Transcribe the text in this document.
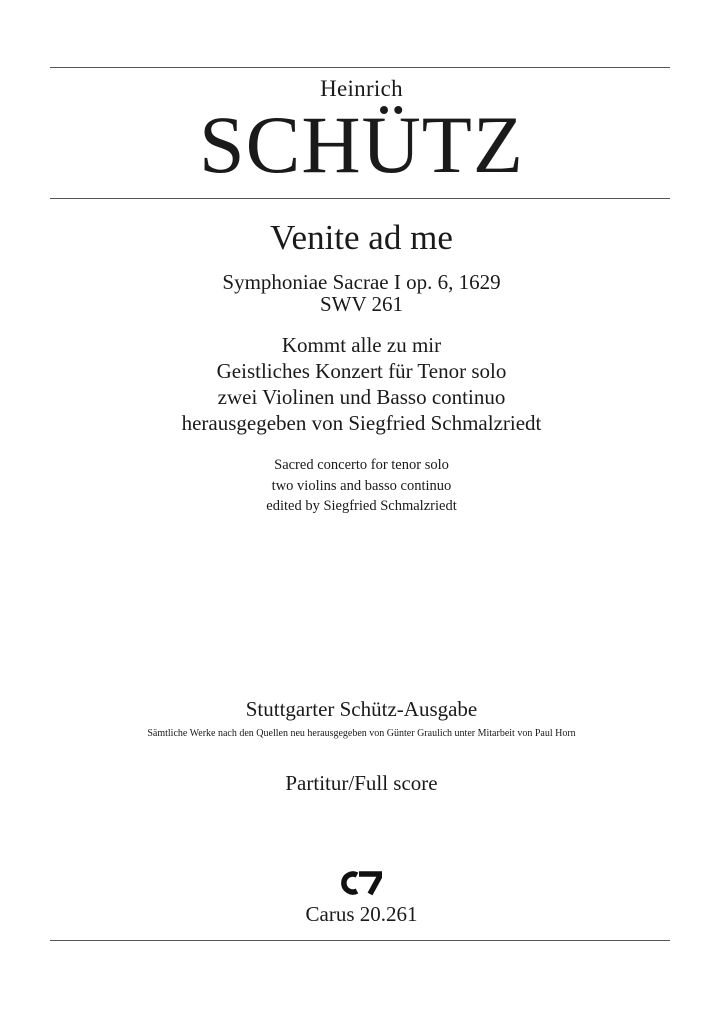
Heinrich
SCHÜTZ
Venite ad me
Symphoniae Sacrae I op. 6, 1629
SWV 261
Kommt alle zu mir
Geistliches Konzert für Tenor solo
zwei Violinen und Basso continuo
herausgegeben von Siegfried Schmalzriedt
Sacred concerto for tenor solo
two violins and basso continuo
edited by Siegfried Schmalzriedt
Stuttgarter Schütz-Ausgabe
Sämtliche Werke nach den Quellen neu herausgegeben von Günter Graulich unter Mitarbeit von Paul Horn
Partitur/Full score
Carus 20.261
